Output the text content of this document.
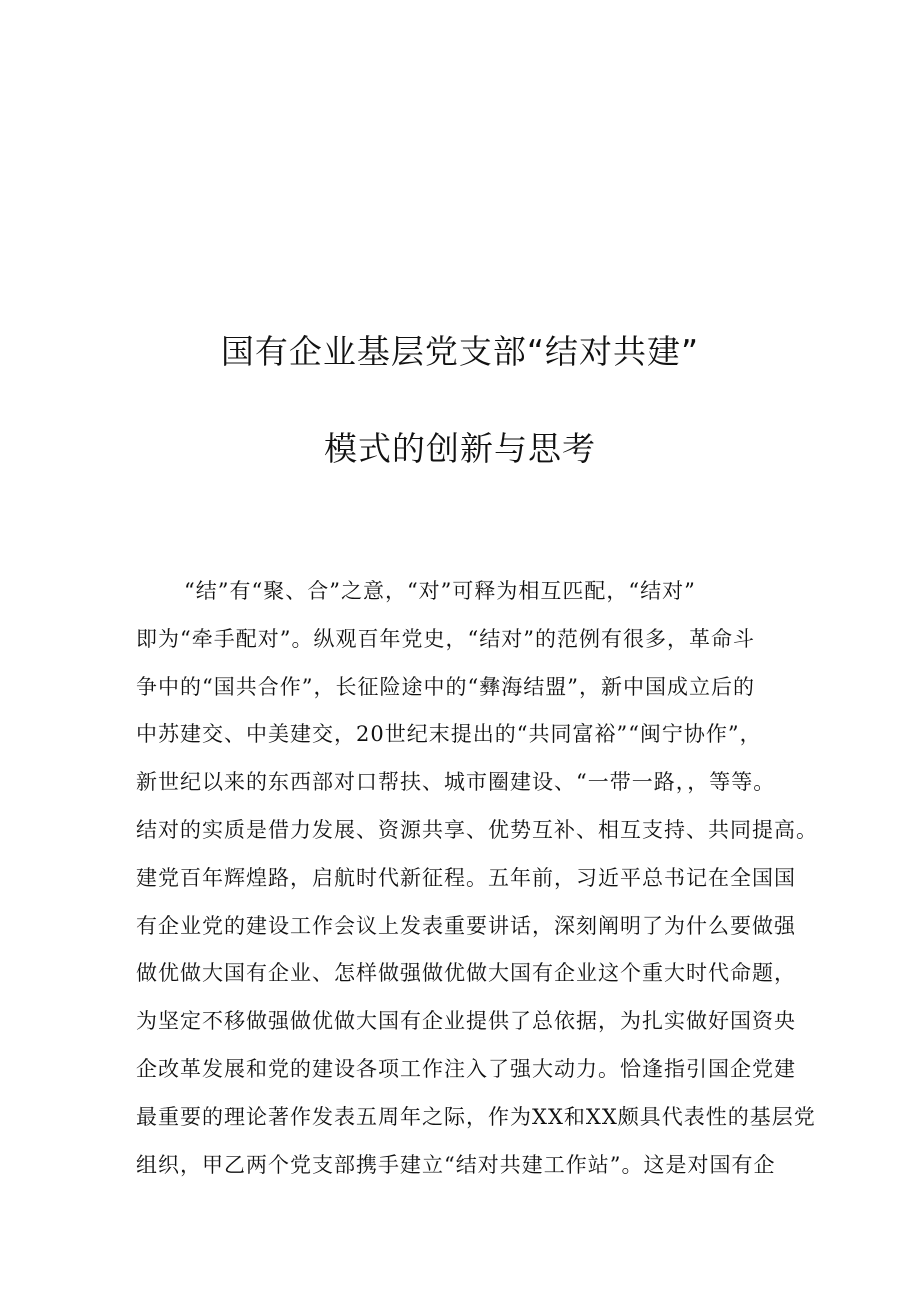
国有企业基层党支部“结对共建”
模式的创新与思考
“结”有“聚、合”之意，“对”可释为相互匹配，“结对”
即为“牵手配对”。纵观百年党史，“结对”的范例有很多，革命斗
争中的“国共合作”，长征险途中的“彝海结盟”，新中国成立后的
中苏建交、中美建交，20世纪末提出的“共同富裕”“闽宁协作”，
新世纪以来的东西部对口帮扶、城市圈建设、“一带一路，，等等。
结对的实质是借力发展、资源共享、优势互补、相互支持、共同提高。
建党百年辉煌路，启航时代新征程。五年前，习近平总书记在全国国
有企业党的建设工作会议上发表重要讲话，深刻阐明了为什么要做强
做优做大国有企业、怎样做强做优做大国有企业这个重大时代命题，
为坚定不移做强做优做大国有企业提供了总依据，为扎实做好国资央
企改革发展和党的建设各项工作注入了强大动力。恰逢指引国企党建
最重要的理论著作发表五周年之际，作为XX和XX颇具代表性的基层党
组织，甲乙两个党支部携手建立“结对共建工作站”。这是对国有企
